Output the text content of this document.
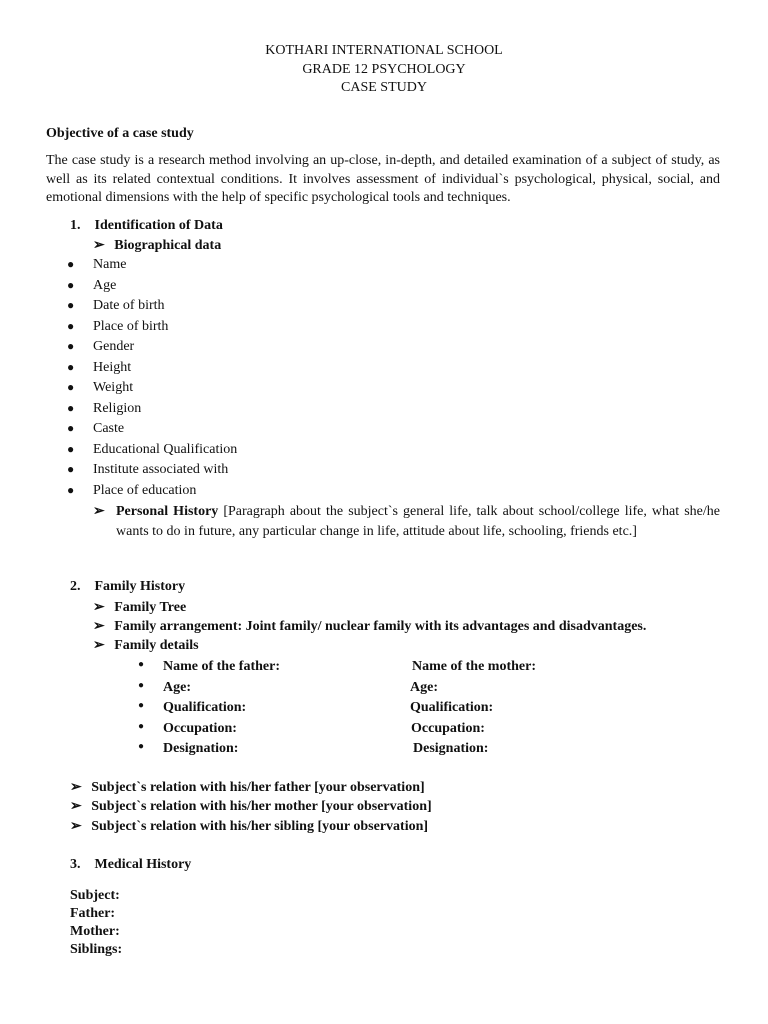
KOTHARI INTERNATIONAL SCHOOL
GRADE 12 PSYCHOLOGY
CASE STUDY
Objective of a case study
The case study is a research method involving an up-close, in-depth, and detailed examination of a subject of study, as well as its related contextual conditions. It involves assessment of individual`s psychological, physical, social, and emotional dimensions with the help of specific psychological tools and techniques.
1. Identification of Data
➢ Biographical data
● Name
● Age
● Date of birth
● Place of birth
● Gender
● Height
● Weight
● Religion
● Caste
● Educational Qualification
● Institute associated with
● Place of education
➢ Personal History [Paragraph about the subject`s general life, talk about school/college life, what she/he wants to do in future, any particular change in life, attitude about life, schooling, friends etc.]
2. Family History
➢ Family Tree
➢ Family arrangement: Joint family/ nuclear family with its advantages and disadvantages.
➢ Family details
● Name of the father:	Name of the mother:
● Age:	Age:
● Qualification:	Qualification:
● Occupation:	Occupation:
● Designation:	Designation:
➢ Subject`s relation with his/her father [your observation]
➢ Subject`s relation with his/her mother [your observation]
➢ Subject`s relation with his/her sibling [your observation]
3. Medical History
Subject:
Father:
Mother:
Siblings:
